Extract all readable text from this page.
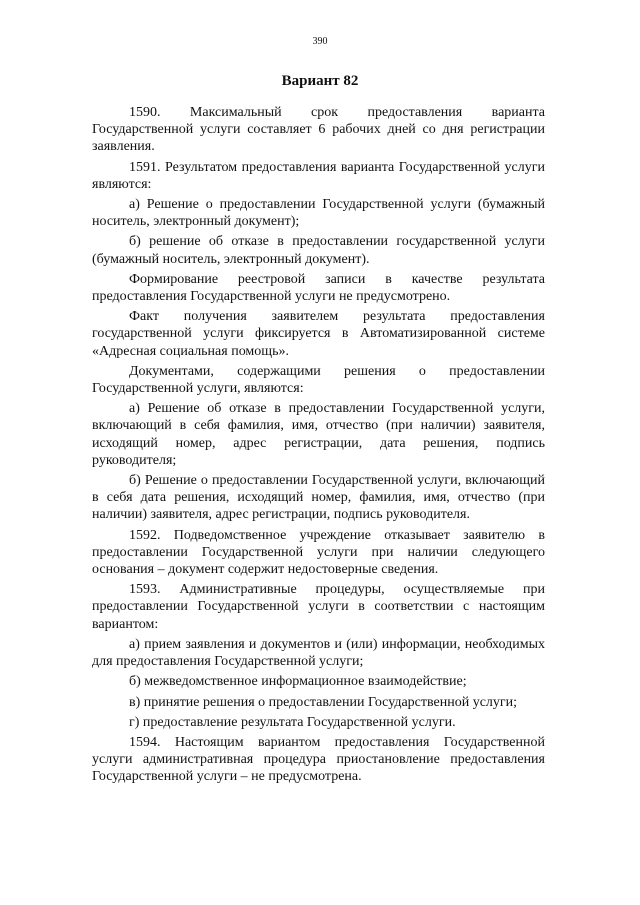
390
Вариант 82

1590. Максимальный срок предоставления варианта Государственной услуги составляет 6 рабочих дней со дня регистрации заявления.

1591. Результатом предоставления варианта Государственной услуги являются:

а) Решение о предоставлении Государственной услуги (бумажный носитель, электронный документ);

б) решение об отказе в предоставлении государственной услуги (бумажный носитель, электронный документ).

Формирование реестровой записи в качестве результата предоставления Государственной услуги не предусмотрено.

Факт получения заявителем результата предоставления государственной услуги фиксируется в Автоматизированной системе «Адресная социальная помощь».

Документами, содержащими решения о предоставлении Государственной услуги, являются:

а) Решение об отказе в предоставлении Государственной услуги, включающий в себя фамилия, имя, отчество (при наличии) заявителя, исходящий номер, адрес регистрации, дата решения, подпись руководителя;

б) Решение о предоставлении Государственной услуги, включающий в себя дата решения, исходящий номер, фамилия, имя, отчество (при наличии) заявителя, адрес регистрации, подпись руководителя.

1592. Подведомственное учреждение отказывает заявителю в предоставлении Государственной услуги при наличии следующего основания – документ содержит недостоверные сведения.

1593. Административные процедуры, осуществляемые при предоставлении Государственной услуги в соответствии с настоящим вариантом:

а) прием заявления и документов и (или) информации, необходимых для предоставления Государственной услуги;

б) межведомственное информационное взаимодействие;

в) принятие решения о предоставлении Государственной услуги;

г) предоставление результата Государственной услуги.

1594. Настоящим вариантом предоставления Государственной услуги административная процедура приостановление предоставления Государственной услуги – не предусмотрена.
